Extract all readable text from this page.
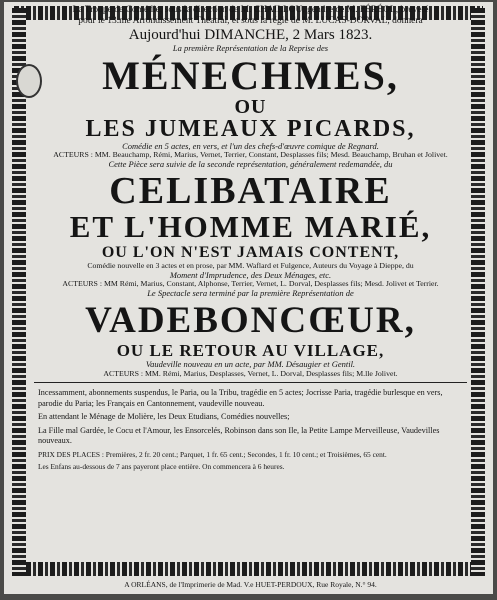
La Troupe de Comédie, sous la direction de M. CHAILLOU, gendre de M. FÉRÉOL, breveté

pour le 13.me Arrondissement Théatral, et sous la régie de M. LUCAS-DORVAL, donnera

Aujourd'hui DIMANCHE, 2 Mars 1823.

La première Représentation de la Reprise des

MÉNECHMES,

OU

LES JUMEAUX PICARDS,

Comédie en 5 actes, en vers, et l'un des chefs-d'œuvre comique de Regnard.

ACTEURS : MM. Beauchamp, Rémi, Marius, Vernet, Terrier, Constant, Desplasses fils; Mesd. Beauchamp, Bruhan et Jolivet.

Cette Pièce sera suivie de la seconde représentation, généralement redemandée, du

CELIBATAIRE

ET L'HOMME MARIÉ,

OU L'ON N'EST JAMAIS CONTENT,

Comédie nouvelle en 3 actes et en prose, par MM. Waflard et Fulgence, Auteurs du Voyage à Dieppe, du

Moment d'Imprudence, des Deux Ménages, etc.

ACTEURS : MM Rémi, Marius, Constant, Alphonse, Terrier, Vernet, L. Dorval, Desplasses fils; Mesd. Jolivet et Terrier.

Le Spectacle sera terminé par la première Représentation de

VADEBONCŒUR,

OU LE RETOUR AU VILLAGE,

Vaudeville nouveau en un acte, par MM. Désaugier et Gentil.

ACTEURS : MM. Rémi, Marius, Desplasses, Vernet, L. Dorval, Desplasses fils; M.lle Jolivet.

Incessamment, abonnements suspendus, le Paria, ou la Tribu, tragédie en 5 actes; Jocrisse Paria, tragédie burlesque en vers, parodie du Paria; les Français en Cantonnement, vaudeville nouveau.

En attendant le Ménage de Molière, les Deux Etudians, Comédies nouvelles;

La Fille mal Gardée, le Cocu et l'Amour, les Ensorcelés, Robinson dans son Ile, la Petite Lampe Merveilleuse, Vaudevilles nouveaux.

PRIX DES PLACES : Premières, 2 fr. 20 cent.; Parquet, 1 fr. 65 cent.; Secondes, 1 fr. 10 cent.; et Troisièmes, 65 cent.

Les Enfans au-dessous de 7 ans payeront place entière. On commencera à 6 heures.

A ORLÉANS, de l'Imprimerie de Mad. V.e HUET-PERDOUX, Rue Royale, N.° 94.
